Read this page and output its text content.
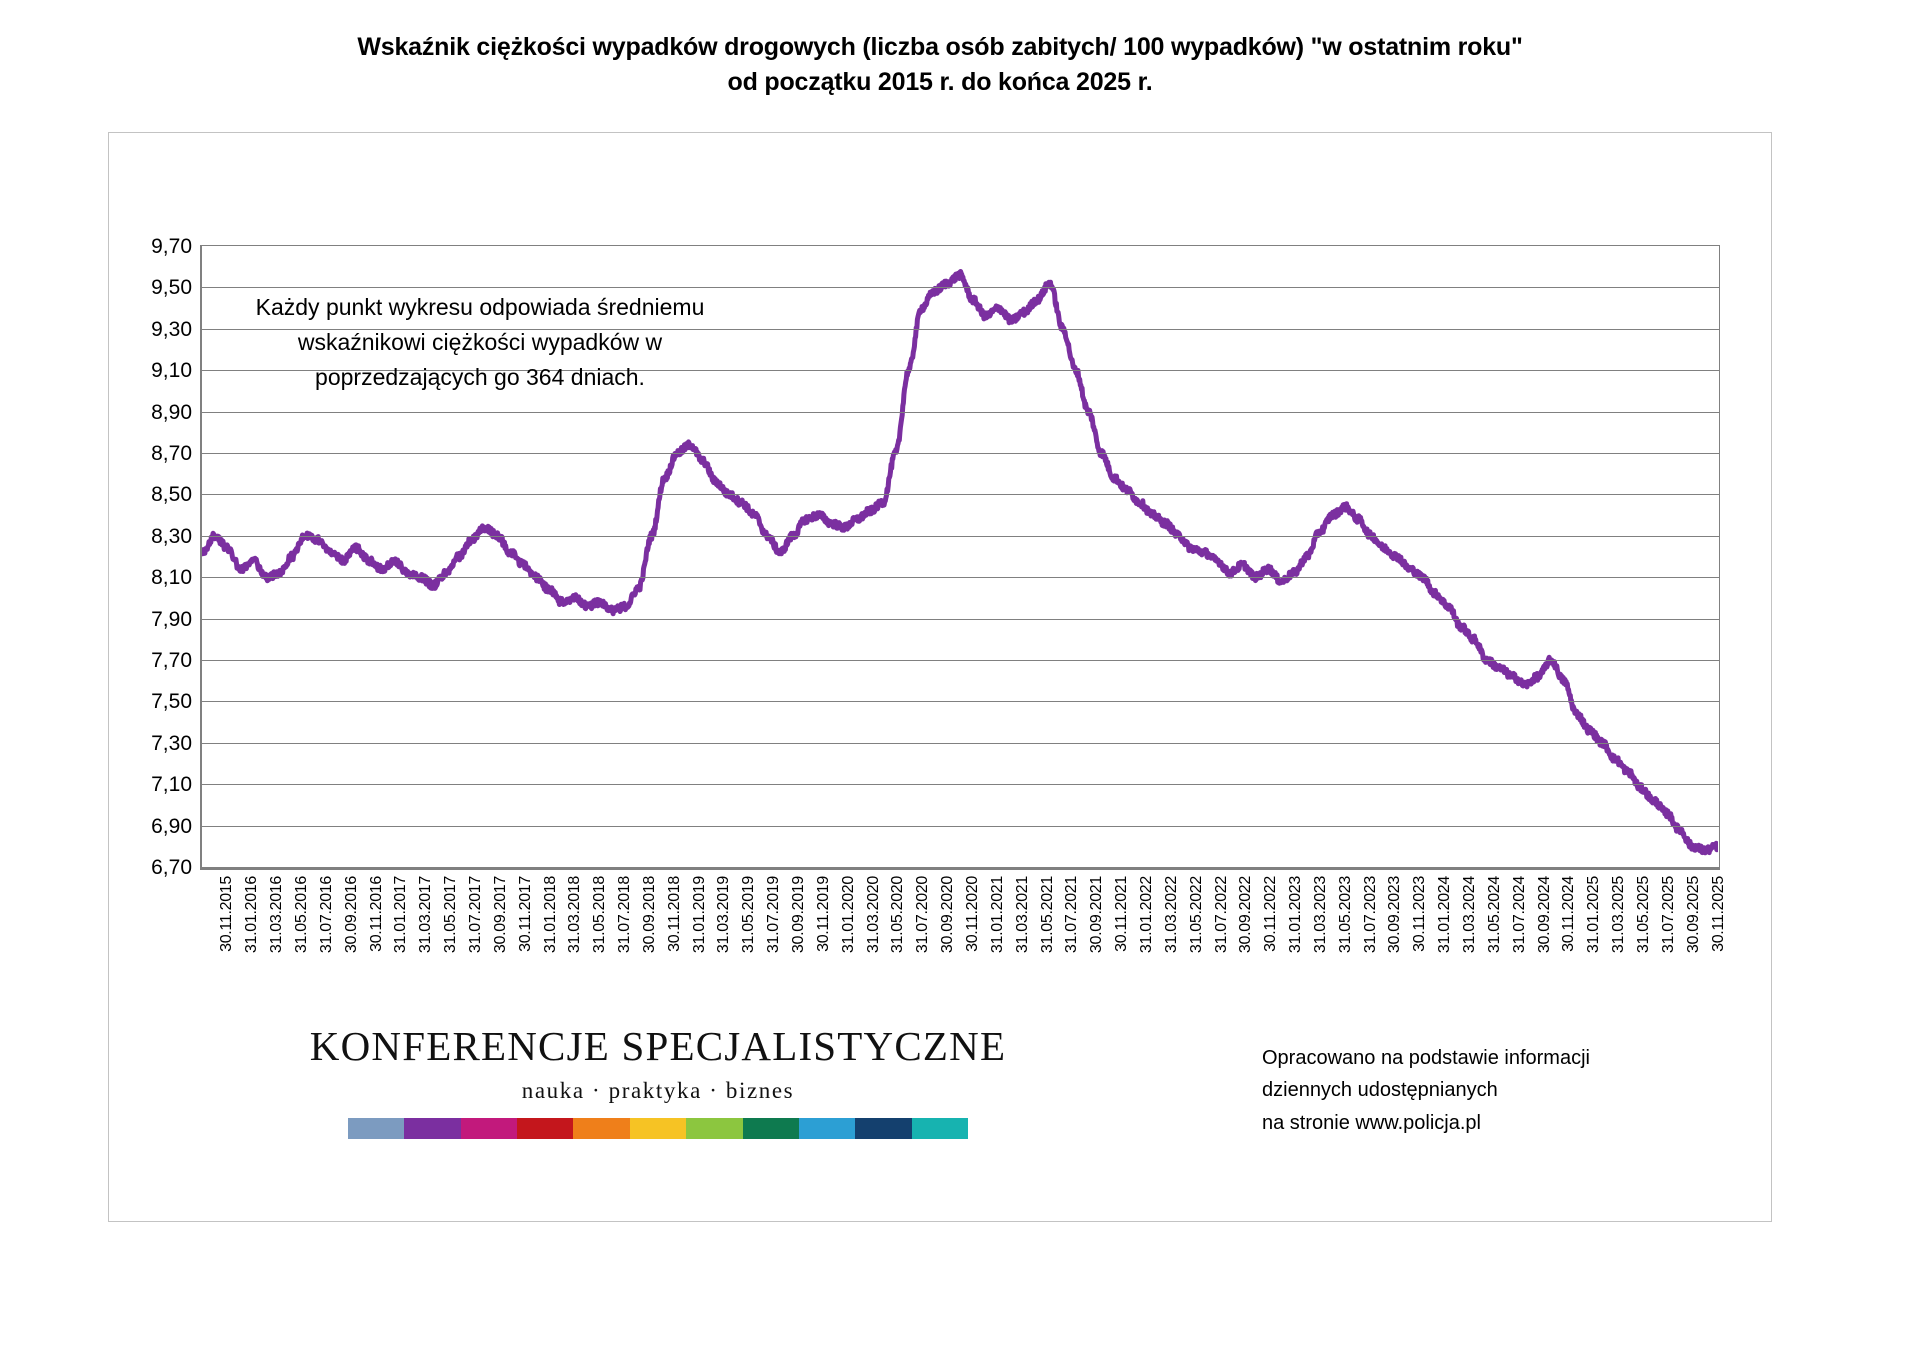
Wskaźnik ciężkości wypadków drogowych (liczba osób zabitych/ 100 wypadków) "w ostatnim roku"
od początku 2015 r. do końca 2025 r.
9,70
9,50
9,30
9,10
8,90
8,70
8,50
8,30
8,10
7,90
7,70
7,50
7,30
7,10
6,90
6,70
Każdy punkt wykresu odpowiada średniemu wskaźnikowi ciężkości wypadków w poprzedzających go 364 dniach.
30.11.2015 31.01.2016 31.03.2016 31.05.2016 31.07.2016 30.09.2016 30.11.2016 31.01.2017 31.03.2017 31.05.2017 31.07.2017 30.09.2017 30.11.2017 31.01.2018 31.03.2018 31.05.2018 31.07.2018 30.09.2018 30.11.2018 31.01.2019 31.03.2019 31.05.2019 31.07.2019 30.09.2019 30.11.2019 31.01.2020 31.03.2020 31.05.2020 31.07.2020 30.09.2020 30.11.2020 31.01.2021 31.03.2021 31.05.2021 31.07.2021 30.09.2021 30.11.2021 31.01.2022 31.03.2022 31.05.2022 31.07.2022 30.09.2022 30.11.2022 31.01.2023 31.03.2023 31.05.2023 31.07.2023 30.09.2023 30.11.2023 31.01.2024 31.03.2024 31.05.2024 31.07.2024 30.09.2024 30.11.2024 31.01.2025 31.03.2025 31.05.2025 31.07.2025 30.09.2025 30.11.2025
KONFERENCJE SPECJALISTYCZNE
nauka · praktyka · biznes
Opracowano na podstawie informacji
dziennych udostępnianych
na stronie www.policja.pl
